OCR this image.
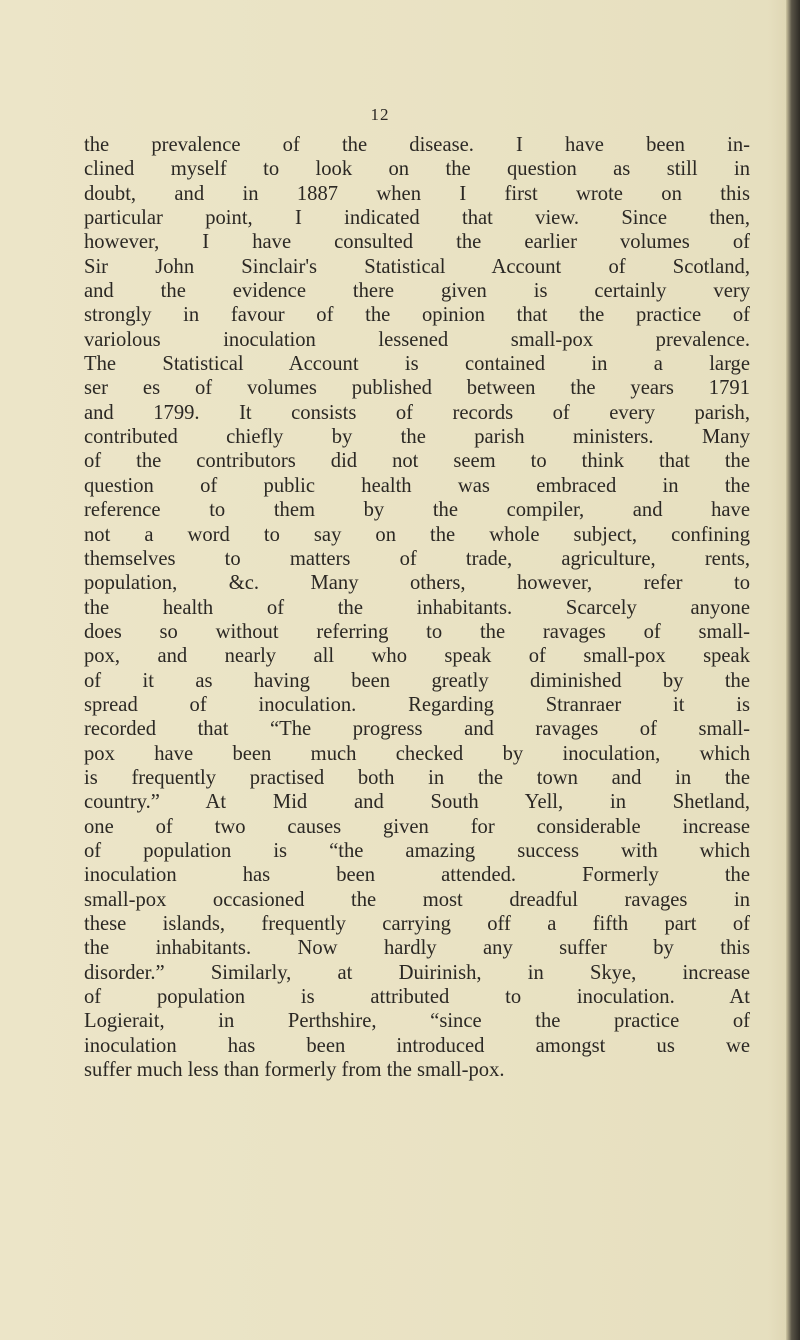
12
the prevalence of the disease. I have been in-
clined myself to look on the question as still in
doubt, and in 1887 when I first wrote on this
particular point, I indicated that view. Since then,
however, I have consulted the earlier volumes of
Sir John Sinclair's Statistical Account of Scotland,
and the evidence there given is certainly very
strongly in favour of the opinion that the practice of
variolous inoculation lessened small-pox prevalence.
The Statistical Account is contained in a large
ser es of volumes published between the years 1791
and 1799. It consists of records of every parish,
contributed chiefly by the parish ministers. Many
of the contributors did not seem to think that the
question of public health was embraced in the
reference to them by the compiler, and have
not a word to say on the whole subject, confining
themselves to matters of trade, agriculture, rents,
population, &c. Many others, however, refer to
the health of the inhabitants. Scarcely anyone
does so without referring to the ravages of small-
pox, and nearly all who speak of small-pox speak
of it as having been greatly diminished by the
spread of inoculation. Regarding Stranraer it is
recorded that “The progress and ravages of small-
pox have been much checked by inoculation, which
is frequently practised both in the town and in the
country.” At Mid and South Yell, in Shetland,
one of two causes given for considerable increase
of population is “the amazing success with which
inoculation has been attended. Formerly the
small-pox occasioned the most dreadful ravages in
these islands, frequently carrying off a fifth part of
the inhabitants. Now hardly any suffer by this
disorder.” Similarly, at Duirinish, in Skye, increase
of population is attributed to inoculation. At
Logierait, in Perthshire, “since the practice of
inoculation has been introduced amongst us we
suffer much less than formerly from the small-pox.
